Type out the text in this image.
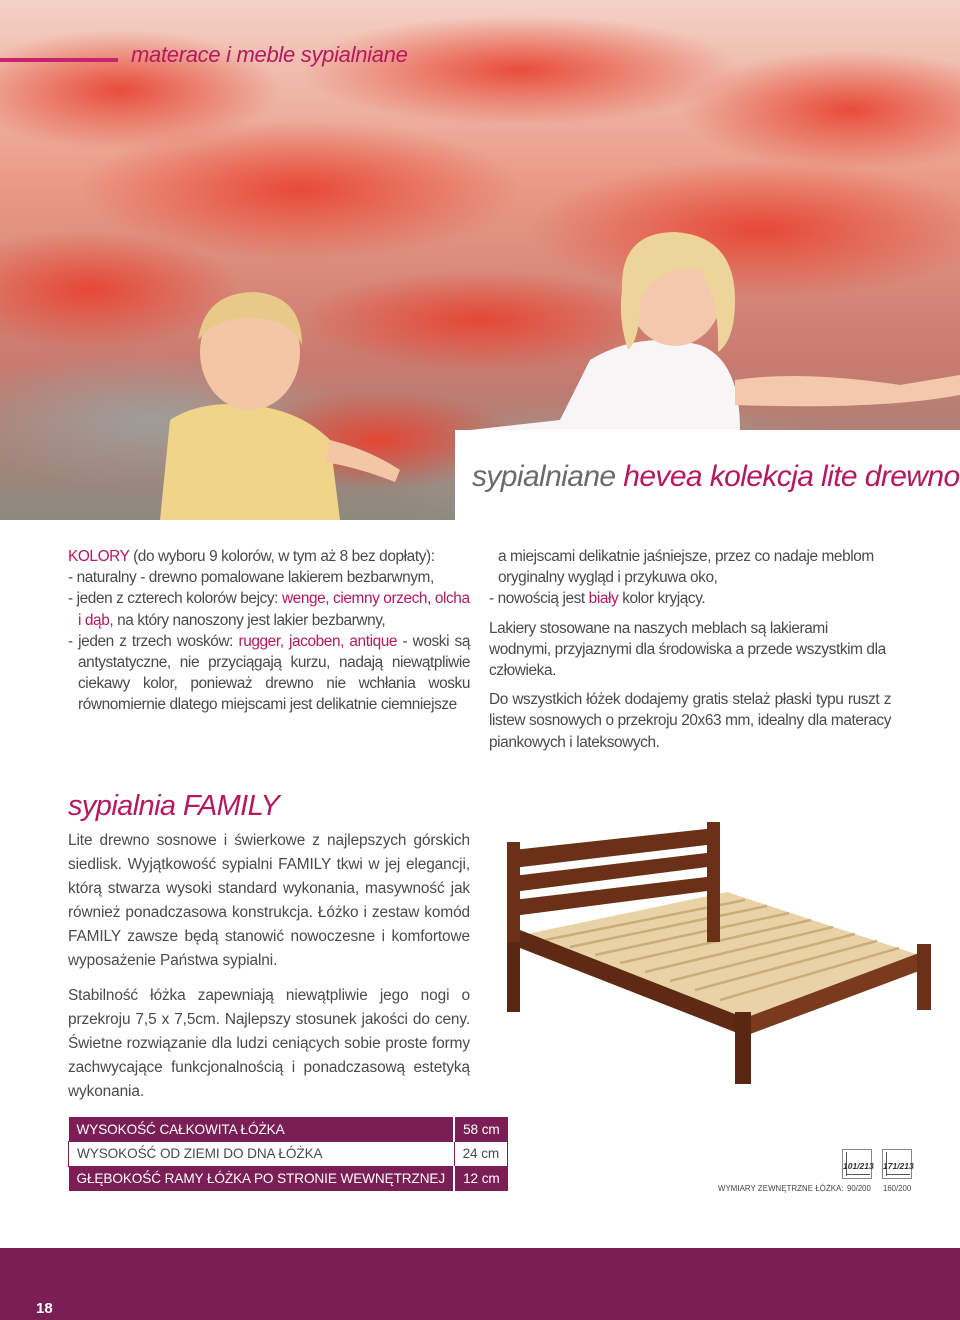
materace i meble sypialniane
sypialniane hevea kolekcja lite drewno

KOLORY (do wyboru 9 kolorów, w tym aż 8 bez dopłaty):

- naturalny - drewno pomalowane lakierem bezbarwnym,

- jeden z czterech kolorów bejcy: wenge, ciemny orzech, olcha

i dąb, na który nanoszony jest lakier bezbarwny,

- jeden z trzech wosków: rugger, jacoben, antique - woski są antystatyczne, nie przyciągają kurzu, nadają niewątpliwie ciekawy kolor, ponieważ drewno nie wchłania wosku równomiernie dlatego miejscami jest delikatnie ciemniejsze

a miejscami delikatnie jaśniejsze, przez co nadaje meblom oryginalny wygląd i przykuwa oko,

- nowością jest biały kolor kryjący.

Lakiery stosowane na naszych meblach są lakierami wodnymi, przyjaznymi dla środowiska a przede wszystkim dla człowieka.

Do wszystkich łóżek dodajemy gratis stelaż płaski typu ruszt z listew sosnowych o przekroju 20x63 mm, idealny dla materacy piankowych i lateksowych.

sypialnia FAMILY

Lite drewno sosnowe i świerkowe z najlepszych górskich siedlisk. Wyjątkowość sypialni FAMILY tkwi w jej elegancji, którą stwarza wysoki standard wykonania, masywność jak również ponadczasowa konstrukcja. Łóżko i zestaw komód FAMILY zawsze będą stanowić nowoczesne i komfortowe wyposażenie Państwa sypialni.

Stabilność łóżka zapewniają niewątpliwie jego nogi o przekroju 7,5 x 7,5cm. Najlepszy stosunek jakości do ceny. Świetne rozwiązanie dla ludzi ceniących sobie proste formy zachwycające funkcjonalnością i ponadczasową estetyką wykonania.

WYSOKOŚĆ CAŁKOWITA ŁÓŻKA	58 cm
WYSOKOŚĆ OD ZIEMI DO DNA ŁÓŻKA	24 cm
GŁĘBOKOŚĆ RAMY ŁÓŻKA PO STRONIE WEWNĘTRZNEJ	12 cm
101/213 171/213
WYMIARY ZEWNĘTRZNE ŁÓŻKA: 90/200 160/200
18
